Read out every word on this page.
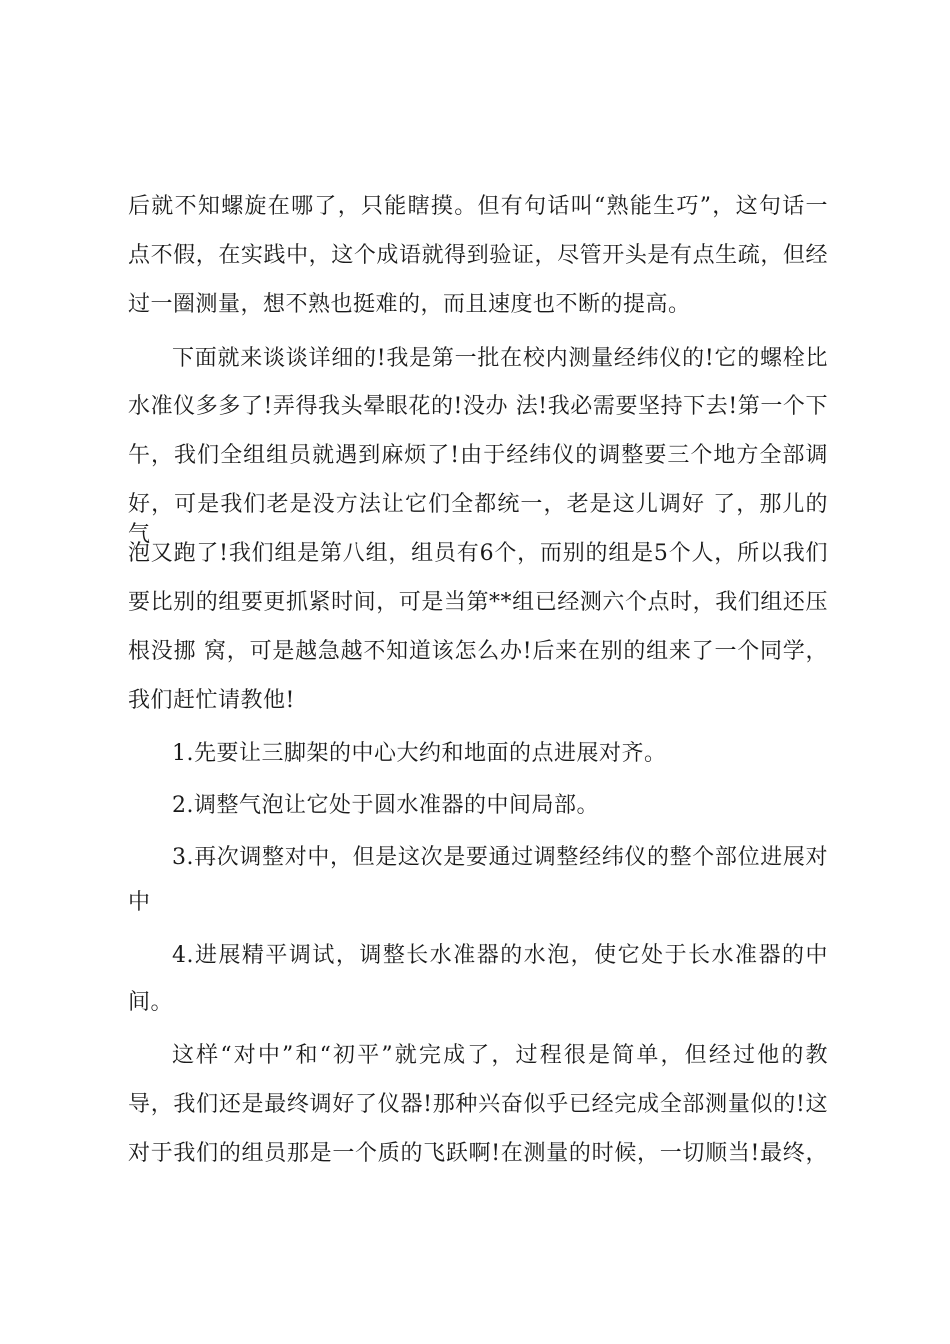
后就不知螺旋在哪了，只能瞎摸。但有句话叫“熟能生巧”，这句话一
点不假，在实践中，这个成语就得到验证，尽管开头是有点生疏，但经
过一圈测量，想不熟也挺难的，而且速度也不断的提高。
下面就来谈谈详细的!我是第一批在校内测量经纬仪的!它的螺栓比
水准仪多多了!弄得我头晕眼花的!没办 法!我必需要坚持下去!第一个下
午，我们全组组员就遇到麻烦了!由于经纬仪的调整要三个地方全部调
好，可是我们老是没方法让它们全都统一，老是这儿调好 了，那儿的气
泡又跑了!我们组是第八组，组员有6个，而别的组是5个人，所以我们
要比别的组要更抓紧时间，可是当第**组已经测六个点时，我们组还压
根没挪 窝，可是越急越不知道该怎么办!后来在别的组来了一个同学，
我们赶忙请教他!
1.先要让三脚架的中心大约和地面的点进展对齐。
2.调整气泡让它处于圆水准器的中间局部。
3.再次调整对中，但是这次是要通过调整经纬仪的整个部位进展对
中
4.进展精平调试，调整长水准器的水泡，使它处于长水准器的中
间。
这样“对中”和“初平”就完成了，过程很是简单，但经过他的教
导，我们还是最终调好了仪器!那种兴奋似乎已经完成全部测量似的!这
对于我们的组员那是一个质的飞跃啊!在测量的时候，一切顺当!最终，
